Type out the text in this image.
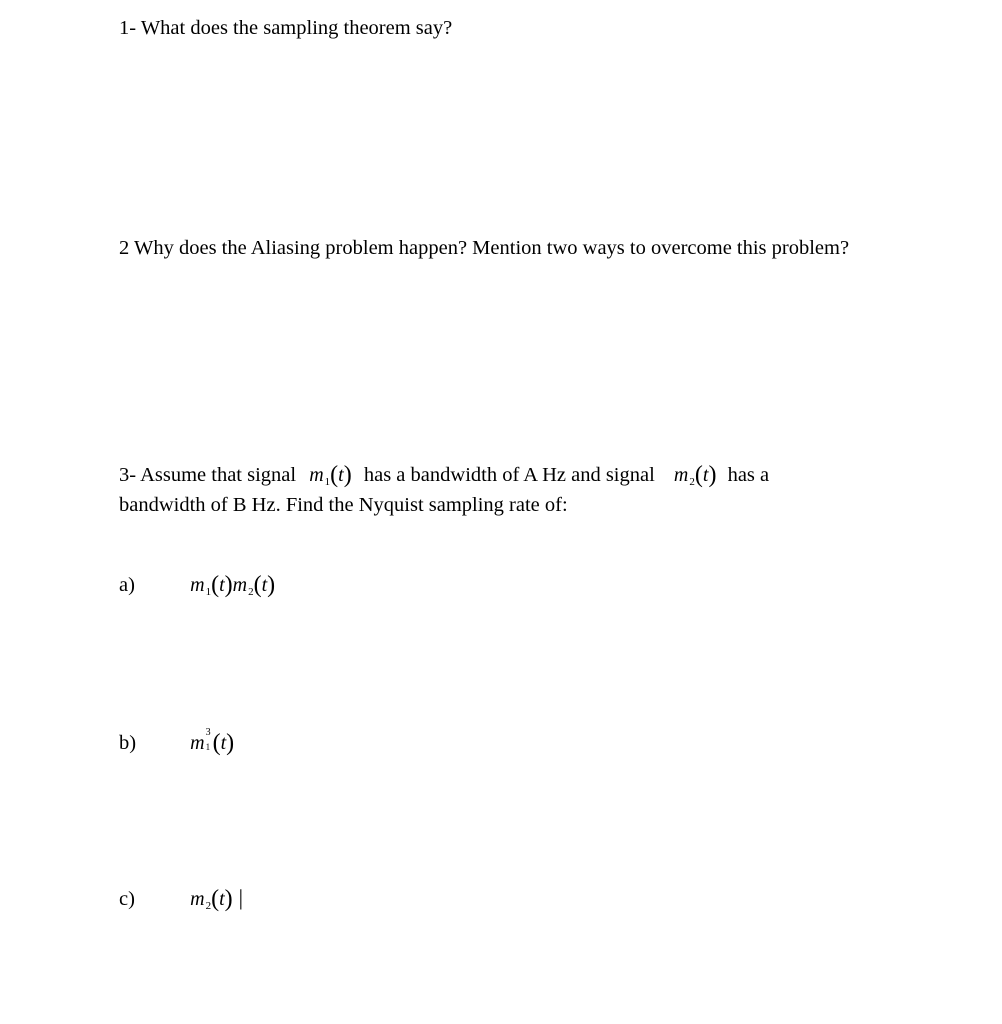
1- What does the sampling theorem say?
2 Why does the Aliasing problem happen? Mention two ways to overcome this problem?
3- Assume that signal $m_1(t)$ has a bandwidth of A Hz and signal $m_2(t)$ has a
bandwidth of B Hz. Find the Nyquist sampling rate of:
a)	$m_1(t)m_2(t)$
b)	m 3
1 (t)
c)	$m_2(t)$ |
